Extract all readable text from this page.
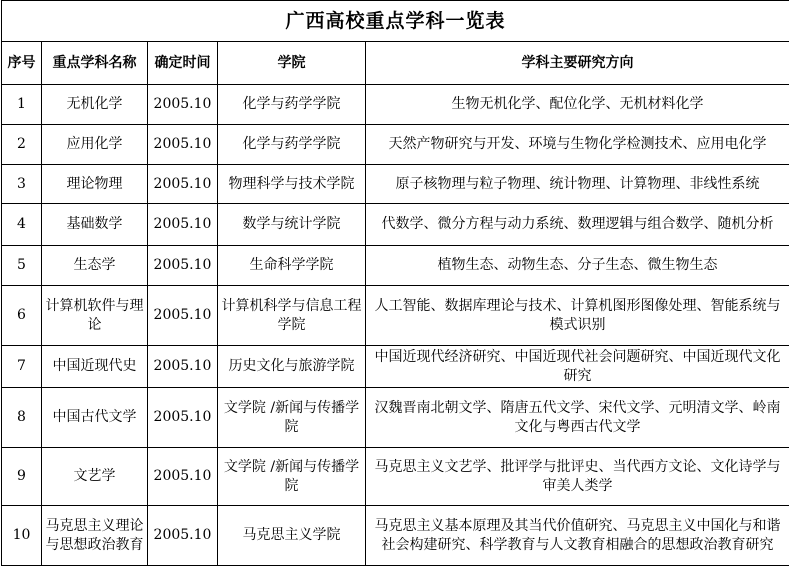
广西高校重点学科一览表				
序号	重点学科名称	确定时间	学院	学科主要研究方向
1	无机化学	2005.10	化学与药学学院	生物无机化学、配位化学、无机材料化学
2	应用化学	2005.10	化学与药学学院	天然产物研究与开发、环境与生物化学检测技术、应用电化学
3	理论物理	2005.10	物理科学与技术学院	原子核物理与粒子物理、统计物理、计算物理、非线性系统
4	基础数学	2005.10	数学与统计学院	代数学、微分方程与动力系统、数理逻辑与组合数学、随机分析
5	生态学	2005.10	生命科学学院	植物生态、动物生态、分子生态、微生物生态
6	计算机软件与理论	2005.10	计算机科学与信息工程学院	人工智能、数据库理论与技术、计算机图形图像处理、智能系统与模式识别
7	中国近现代史	2005.10	历史文化与旅游学院	中国近现代经济研究、中国近现代社会问题研究、中国近现代文化研究
8	中国古代文学	2005.10	文学院 /新闻与传播学院	汉魏晋南北朝文学、隋唐五代文学、宋代文学、元明清文学、岭南文化与粤西古代文学
9	文艺学	2005.10	文学院 /新闻与传播学院	马克思主义文艺学、批评学与批评史、当代西方文论、文化诗学与审美人类学
10	马克思主义理论与思想政治教育	2005.10	马克思主义学院	马克思主义基本原理及其当代价值研究、马克思主义中国化与和谐社会构建研究、科学教育与人文教育相融合的思想政治教育研究
